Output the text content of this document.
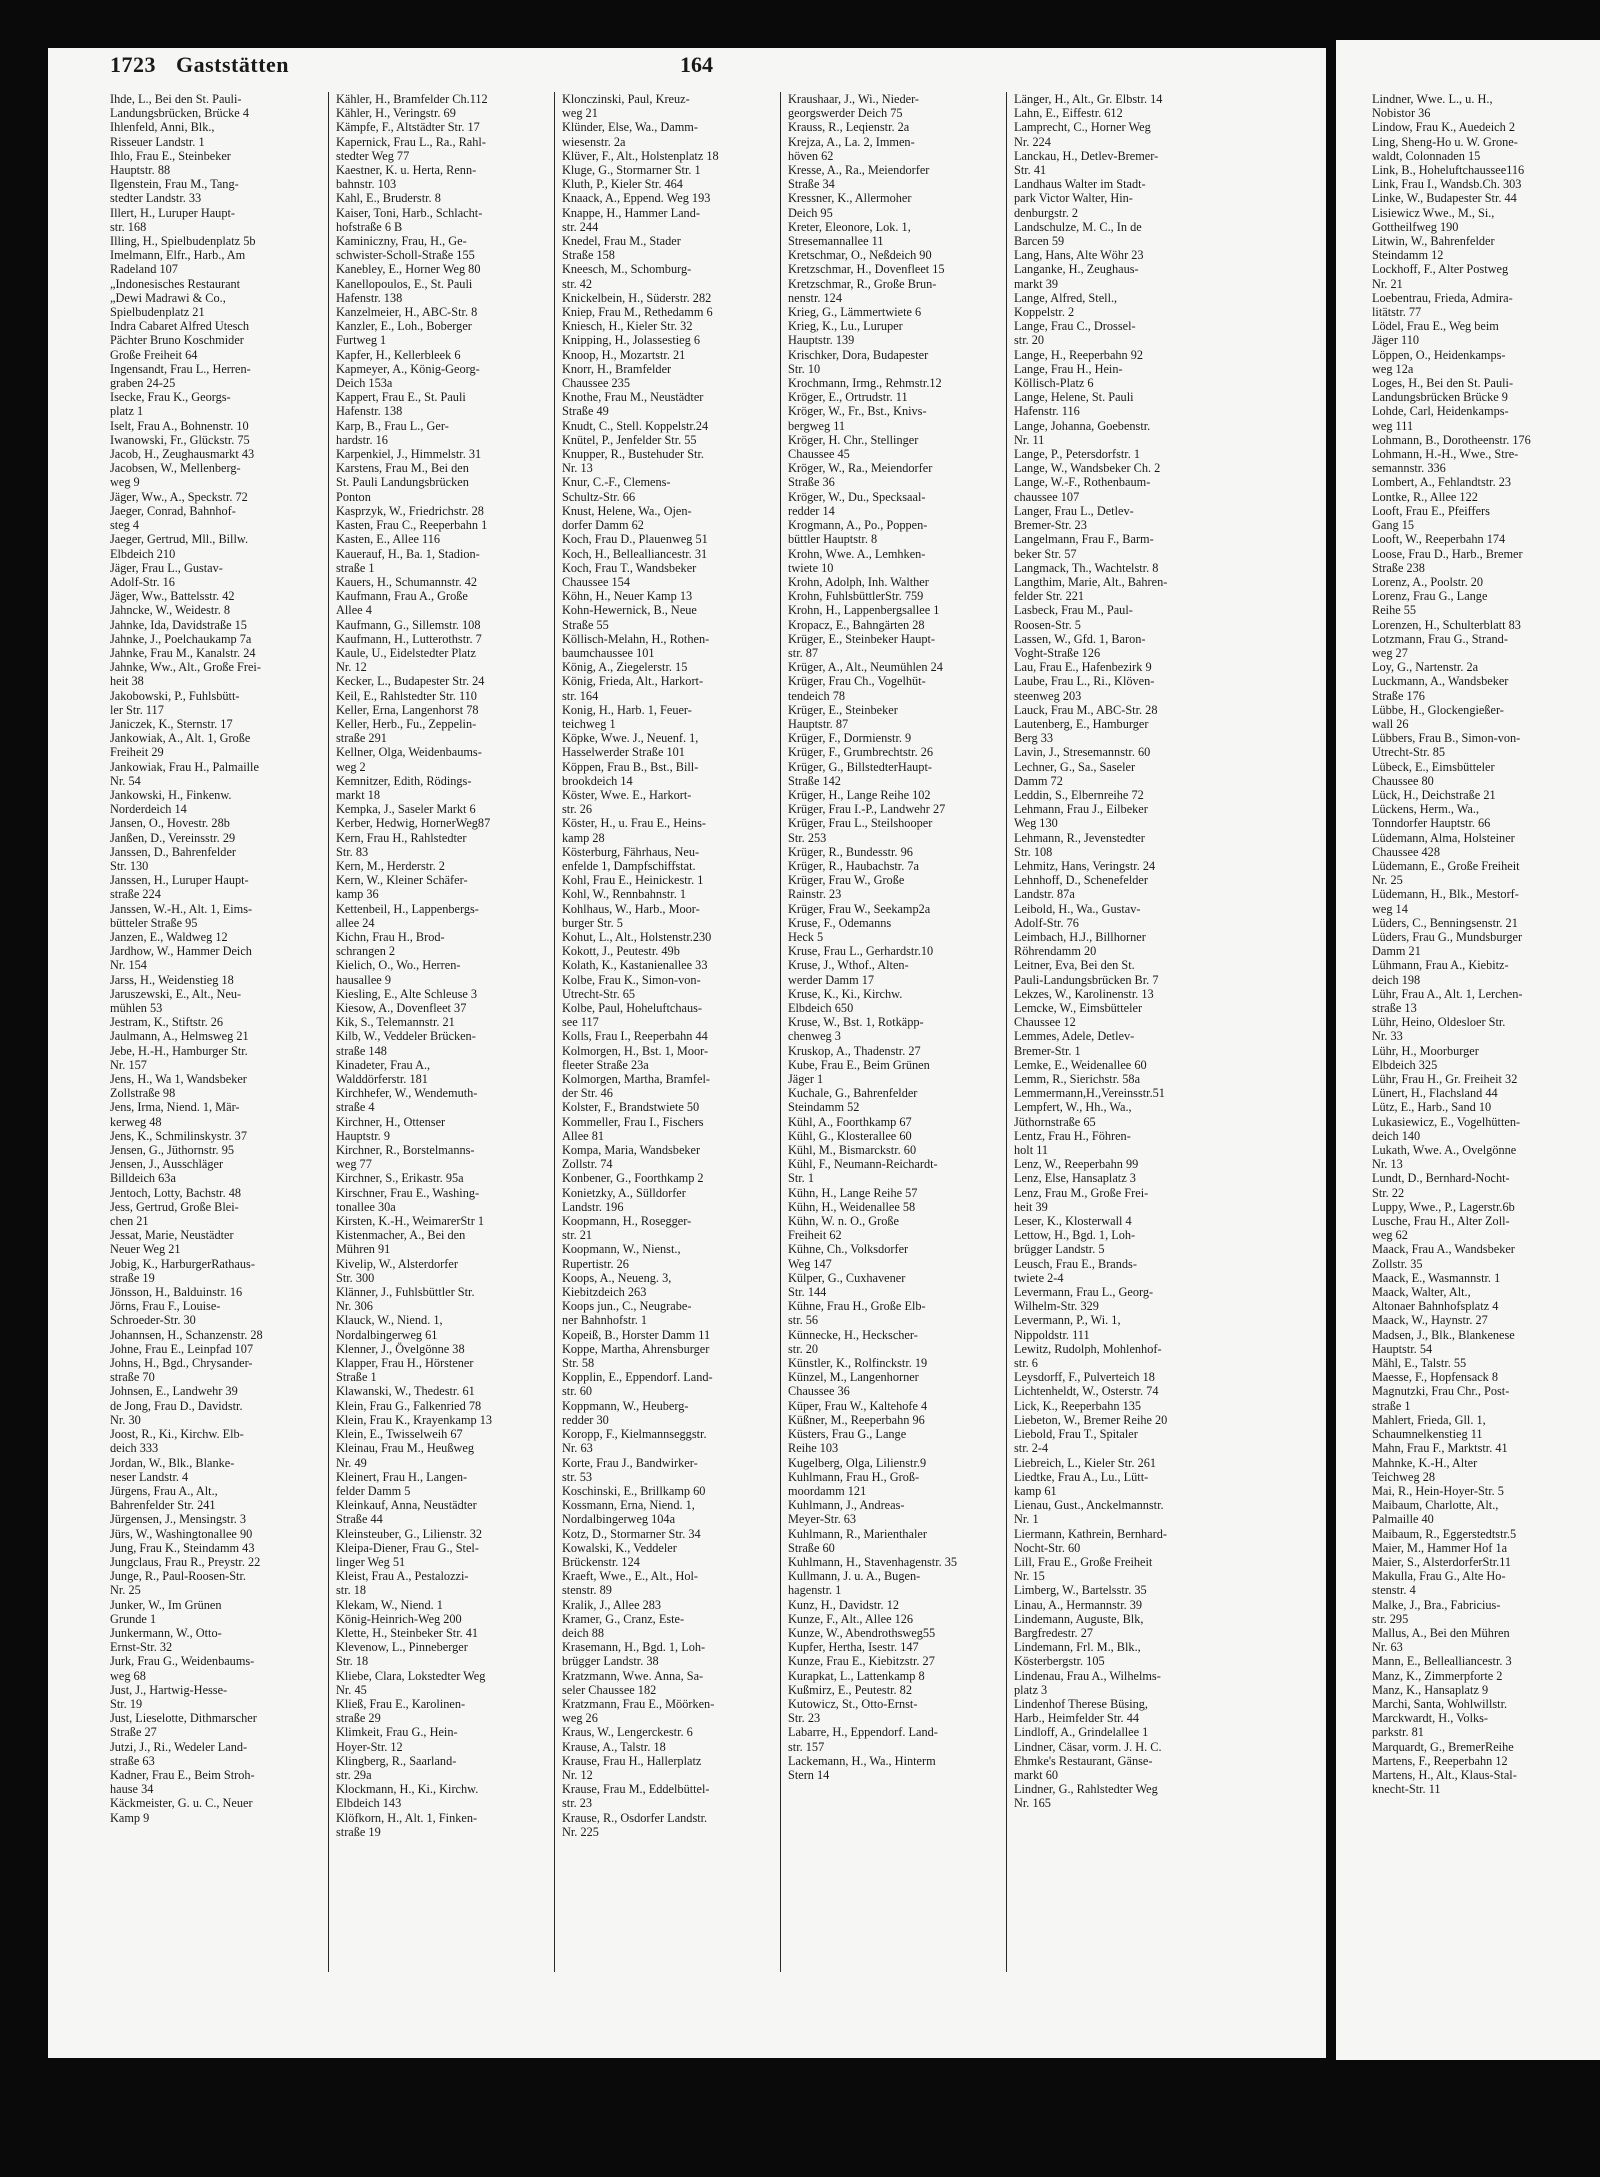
1723 Gaststätten	164
Ihde, L., Bei den St. Pauli-
Landungsbrücken, Brücke 4
Ihlenfeld, Anni, Blk.,
Risseuer Landstr. 1
Ihlo, Frau E., Steinbeker
Hauptstr. 88
Ilgenstein, Frau M., Tang-
stedter Landstr. 33
Illert, H., Luruper Haupt-
str. 168
Illing, H., Spielbudenplatz 5b
Imelmann, Elfr., Harb., Am
Radeland 107
„Indonesisches Restaurant
„Dewi Madrawi & Co.,
Spielbudenplatz 21
Indra Cabaret Alfred Utesch
Pächter Bruno Koschmider
Große Freiheit 64
Ingensandt, Frau L., Herren-
graben 24-25
Isecke, Frau K., Georgs-
platz 1
Iselt, Frau A., Bohnenstr. 10
Iwanowski, Fr., Glückstr. 75
Jacob, H., Zeughausmarkt 43
Jacobsen, W., Mellenberg-
weg 9
Jäger, Ww., A., Speckstr. 72
Jaeger, Conrad, Bahnhof-
steg 4
Jaeger, Gertrud, Mll., Billw.
Elbdeich 210
Jäger, Frau L., Gustav-
Adolf-Str. 16
Jäger, Ww., Battelsstr. 42
Jahncke, W., Weidestr. 8
Jahnke, Ida, Davidstraße 15
Jahnke, J., Poelchaukamp 7a
Jahnke, Frau M., Kanalstr. 24
Jahnke, Ww., Alt., Große Frei-
heit 38
Jakobowski, P., Fuhlsbütt-
ler Str. 117
Janiczek, K., Sternstr. 17
Jankowiak, A., Alt. 1, Große
Freiheit 29
Jankowiak, Frau H., Palmaille
Nr. 54
Jankowski, H., Finkenw.
Norderdeich 14
Jansen, O., Hovestr. 28b
Janßen, D., Vereinsstr. 29
Janssen, D., Bahrenfelder
Str. 130
Janssen, H., Luruper Haupt-
straße 224
Janssen, W.-H., Alt. 1, Eims-
bütteler Straße 95
Janzen, E., Waldweg 12
Jardhow, W., Hammer Deich
Nr. 154
Jarss, H., Weidenstieg 18
Jaruszewski, E., Alt., Neu-
mühlen 53
Jestram, K., Stiftstr. 26
Jaulmann, A., Helmsweg 21
Jebe, H.-H., Hamburger Str.
Nr. 157
Jens, H., Wa 1, Wandsbeker
Zollstraße 98
Jens, Irma, Niend. 1, Mär-
kerweg 48
Jens, K., Schmilinskystr. 37
Jensen, G., Jüthornstr. 95
Jensen, J., Ausschläger
Billdeich 63a
Jentoch, Lotty, Bachstr. 48
Jess, Gertrud, Große Blei-
chen 21
Jessat, Marie, Neustädter
Neuer Weg 21
Jobig, K., HarburgerRathaus-
straße 19
Jönsson, H., Balduinstr. 16
Jörns, Frau F., Louise-
Schroeder-Str. 30
Johannsen, H., Schanzenstr. 28
Johne, Frau E., Leinpfad 107
Johns, H., Bgd., Chrysander-
straße 70
Johnsen, E., Landwehr 39
de Jong, Frau D., Davidstr.
Nr. 30
Joost, R., Ki., Kirchw. Elb-
deich 333
Jordan, W., Blk., Blanke-
neser Landstr. 4
Jürgens, Frau A., Alt.,
Bahrenfelder Str. 241
Jürgensen, J., Mensingstr. 3
Jürs, W., Washingtonallee 90
Jung, Frau K., Steindamm 43
Jungclaus, Frau R., Preystr. 22
Junge, R., Paul-Roosen-Str.
Nr. 25
Junker, W., Im Grünen
Grunde 1
Junkermann, W., Otto-
Ernst-Str. 32
Jurk, Frau G., Weidenbaums-
weg 68
Just, J., Hartwig-Hesse-
Str. 19
Just, Lieselotte, Dithmarscher
Straße 27
Jutzi, J., Ri., Wedeler Land-
straße 63
Kadner, Frau E., Beim Stroh-
hause 34
Käckmeister, G. u. C., Neuer
Kamp 9
Kähler, H., Bramfelder Ch.112
Kähler, H., Veringstr. 69
Kämpfe, F., Altstädter Str. 17
Kapernick, Frau L., Ra., Rahl-
stedter Weg 77
Kaestner, K. u. Herta, Renn-
bahnstr. 103
Kahl, E., Bruderstr. 8
Kaiser, Toni, Harb., Schlacht-
hofstraße 6 B
Kaminiczny, Frau, H., Ge-
schwister-Scholl-Straße 155
Kanebley, E., Horner Weg 80
Kanellopoulos, E., St. Pauli
Hafenstr. 138
Kanzelmeier, H., ABC-Str. 8
Kanzler, E., Loh., Boberger
Furtweg 1
Kapfer, H., Kellerbleek 6
Kapmeyer, A., König-Georg-
Deich 153a
Kappert, Frau E., St. Pauli
Hafenstr. 138
Karp, B., Frau L., Ger-
hardstr. 16
Karpenkiel, J., Himmelstr. 31
Karstens, Frau M., Bei den
St. Pauli Landungsbrücken
Ponton
Kasprzyk, W., Friedrichstr. 28
Kasten, Frau C., Reeperbahn 1
Kasten, E., Allee 116
Kauerauf, H., Ba. 1, Stadion-
straße 1
Kauers, H., Schumannstr. 42
Kaufmann, Frau A., Große
Allee 4
Kaufmann, G., Sillemstr. 108
Kaufmann, H., Lutterothstr. 7
Kaule, U., Eidelstedter Platz
Nr. 12
Kecker, L., Budapester Str. 24
Keil, E., Rahlstedter Str. 110
Keller, Erna, Langenhorst 78
Keller, Herb., Fu., Zeppelin-
straße 291
Kellner, Olga, Weidenbaums-
weg 2
Kemnitzer, Edith, Rödings-
markt 18
Kempka, J., Saseler Markt 6
Kerber, Hedwig, HornerWeg87
Kern, Frau H., Rahlstedter
Str. 83
Kern, M., Herderstr. 2
Kern, W., Kleiner Schäfer-
kamp 36
Kettenbeil, H., Lappenbergs-
allee 24
Kichn, Frau H., Brod-
schrangen 2
Kielich, O., Wo., Herren-
hausallee 9
Kiesling, E., Alte Schleuse 3
Kiesow, A., Dovenfleet 37
Kik, S., Telemannstr. 21
Kilb, W., Veddeler Brücken-
straße 148
Kinadeter, Frau A.,
Walddörferstr. 181
Kirchhefer, W., Wendemuth-
straße 4
Kirchner, H., Ottenser
Hauptstr. 9
Kirchner, R., Borstelmanns-
weg 77
Kirchner, S., Erikastr. 95a
Kirschner, Frau E., Washing-
tonallee 30a
Kirsten, K.-H., WeimarerStr 1
Kistenmacher, A., Bei den
Mühren 91
Kivelip, W., Alsterdorfer
Str. 300
Klänner, J., Fuhlsbüttler Str.
Nr. 306
Klauck, W., Niend. 1,
Nordalbingerweg 61
Klenner, J., Övelgönne 38
Klapper, Frau H., Hörstener
Straße 1
Klawanski, W., Thedestr. 61
Klein, Frau G., Falkenried 78
Klein, Frau K., Krayenkamp 13
Klein, E., Twisselweih 67
Kleinau, Frau M., Heußweg
Nr. 49
Kleinert, Frau H., Langen-
felder Damm 5
Kleinkauf, Anna, Neustädter
Straße 44
Kleinsteuber, G., Lilienstr. 32
Kleipa-Diener, Frau G., Stel-
linger Weg 51
Kleist, Frau A., Pestalozzi-
str. 18
Klekam, W., Niend. 1
König-Heinrich-Weg 200
Klette, H., Steinbeker Str. 41
Klevenow, L., Pinneberger
Str. 18
Kliebe, Clara, Lokstedter Weg
Nr. 45
Kließ, Frau E., Karolinen-
straße 29
Klimkeit, Frau G., Hein-
Hoyer-Str. 12
Klingberg, R., Saarland-
str. 29a
Klockmann, H., Ki., Kirchw.
Elbdeich 143
Klöfkorn, H., Alt. 1, Finken-
straße 19
Klonczinski, Paul, Kreuz-
weg 21
Klünder, Else, Wa., Damm-
wiesenstr. 2a
Klüver, F., Alt., Holstenplatz 18
Kluge, G., Stormarner Str. 1
Kluth, P., Kieler Str. 464
Knaack, A., Eppend. Weg 193
Knappe, H., Hammer Land-
str. 244
Knedel, Frau M., Stader
Straße 158
Kneesch, M., Schomburg-
str. 42
Knickelbein, H., Süderstr. 282
Kniep, Frau M., Rethedamm 6
Kniesch, H., Kieler Str. 32
Knipping, H., Jolassestieg 6
Knoop, H., Mozartstr. 21
Knorr, H., Bramfelder
Chaussee 235
Knothe, Frau M., Neustädter
Straße 49
Knudt, C., Stell. Koppelstr.24
Knütel, P., Jenfelder Str. 55
Knupper, R., Bustehuder Str.
Nr. 13
Knur, C.-F., Clemens-
Schultz-Str. 66
Knust, Helene, Wa., Ojen-
dorfer Damm 62
Koch, Frau D., Plauenweg 51
Koch, H., Bellealliancestr. 31
Koch, Frau T., Wandsbeker
Chaussee 154
Köhn, H., Neuer Kamp 13
Kohn-Hewernick, B., Neue
Straße 55
Köllisch-Melahn, H., Rothen-
baumchaussee 101
König, A., Ziegelerstr. 15
König, Frieda, Alt., Harkort-
str. 164
Konig, H., Harb. 1, Feuer-
teichweg 1
Köpke, Wwe. J., Neuenf. 1,
Hasselwerder Straße 101
Köppen, Frau B., Bst., Bill-
brookdeich 14
Köster, Wwe. E., Harkort-
str. 26
Köster, H., u. Frau E., Heins-
kamp 28
Kösterburg, Fährhaus, Neu-
enfelde 1, Dampfschiffstat.
Kohl, Frau E., Heinickestr. 1
Kohl, W., Rennbahnstr. 1
Kohlhaus, W., Harb., Moor-
burger Str. 5
Kohut, L., Alt., Holstenstr.230
Kokott, J., Peutestr. 49b
Kolath, K., Kastanienallee 33
Kolbe, Frau K., Simon-von-
Utrecht-Str. 65
Kolbe, Paul, Hoheluftchaus-
see 117
Kolls, Frau I., Reeperbahn 44
Kolmorgen, H., Bst. 1, Moor-
fleeter Straße 23a
Kolmorgen, Martha, Bramfel-
der Str. 46
Kolster, F., Brandstwiete 50
Kommeller, Frau I., Fischers
Allee 81
Kompa, Maria, Wandsbeker
Zollstr. 74
Konbener, G., Foorthkamp 2
Konietzky, A., Sülldorfer
Landstr. 196
Koopmann, H., Rosegger-
str. 21
Koopmann, W., Nienst.,
Rupertistr. 26
Koops, A., Neueng. 3,
Kiebitzdeich 263
Koops jun., C., Neugrabe-
ner Bahnhofstr. 1
Kopeiß, B., Horster Damm 11
Koppe, Martha, Ahrensburger
Str. 58
Kopplin, E., Eppendorf. Land-
str. 60
Koppmann, W., Heuberg-
redder 30
Koropp, F., Kielmannseggstr.
Nr. 63
Korte, Frau J., Bandwirker-
str. 53
Koschinski, E., Brillkamp 60
Kossmann, Erna, Niend. 1,
Nordalbingerweg 104a
Kotz, D., Stormarner Str. 34
Kowalski, K., Veddeler
Brückenstr. 124
Kraeft, Wwe., E., Alt., Hol-
stenstr. 89
Kralik, J., Allee 283
Kramer, G., Cranz, Este-
deich 88
Krasemann, H., Bgd. 1, Loh-
brügger Landstr. 38
Kratzmann, Wwe. Anna, Sa-
seler Chaussee 182
Kratzmann, Frau E., Möörken-
weg 26
Kraus, W., Lengerckestr. 6
Krause, A., Talstr. 18
Krause, Frau H., Hallerplatz
Nr. 12
Krause, Frau M., Eddelbüttel-
str. 23
Krause, R., Osdorfer Landstr.
Nr. 225
Kraushaar, J., Wi., Nieder-
georgswerder Deich 75
Krauss, R., Leqienstr. 2a
Krejza, A., La. 2, Immen-
höven 62
Kresse, A., Ra., Meiendorfer
Straße 34
Kressner, K., Allermoher
Deich 95
Kreter, Eleonore, Lok. 1,
Stresemannallee 11
Kretschmar, O., Neßdeich 90
Kretzschmar, H., Dovenfleet 15
Kretzschmar, R., Große Brun-
nenstr. 124
Krieg, G., Lämmertwiete 6
Krieg, K., Lu., Luruper
Hauptstr. 139
Krischker, Dora, Budapester
Str. 10
Krochmann, Irmg., Rehmstr.12
Kröger, E., Ortrudstr. 11
Kröger, W., Fr., Bst., Knivs-
bergweg 11
Kröger, H. Chr., Stellinger
Chaussee 45
Kröger, W., Ra., Meiendorfer
Straße 36
Kröger, W., Du., Specksaal-
redder 14
Krogmann, A., Po., Poppen-
büttler Hauptstr. 8
Krohn, Wwe. A., Lemhken-
twiete 10
Krohn, Adolph, Inh. Walther
Krohn, FuhlsbüttlerStr. 759
Krohn, H., Lappenbergsallee 1
Kropacz, E., Bahngärten 28
Krüger, E., Steinbeker Haupt-
str. 87
Krüger, A., Alt., Neumühlen 24
Krüger, Frau Ch., Vogelhüt-
tendeich 78
Krüger, E., Steinbeker
Hauptstr. 87
Krüger, F., Dormienstr. 9
Krüger, F., Grumbrechtstr. 26
Krüger, G., BillstedterHaupt-
Straße 142
Krüger, H., Lange Reihe 102
Krüger, Frau I.-P., Landwehr 27
Krüger, Frau L., Steilshooper
Str. 253
Krüger, R., Bundesstr. 96
Krüger, R., Haubachstr. 7a
Krüger, Frau W., Große
Rainstr. 23
Krüger, Frau W., Seekamp2a
Kruse, F., Odemanns
Heck 5
Kruse, Frau L., Gerhardstr.10
Kruse, J., Wthof., Alten-
werder Damm 17
Kruse, K., Ki., Kirchw.
Elbdeich 650
Kruse, W., Bst. 1, Rotkäpp-
chenweg 3
Kruskop, A., Thadenstr. 27
Kube, Frau E., Beim Grünen
Jäger 1
Kuchale, G., Bahrenfelder
Steindamm 52
Kühl, A., Foorthkamp 67
Kühl, G., Klosterallee 60
Kühl, M., Bismarckstr. 60
Kühl, F., Neumann-Reichardt-
Str. 1
Kühn, H., Lange Reihe 57
Kühn, H., Weidenallee 58
Kühn, W. n. O., Große
Freiheit 62
Kühne, Ch., Volksdorfer
Weg 147
Külper, G., Cuxhavener
Str. 144
Kühne, Frau H., Große Elb-
str. 56
Künnecke, H., Heckscher-
str. 20
Künstler, K., Rolfinckstr. 19
Künzel, M., Langenhorner
Chaussee 36
Küper, Frau W., Kaltehofe 4
Küßner, M., Reeperbahn 96
Küsters, Frau G., Lange
Reihe 103
Kugelberg, Olga, Lilienstr.9
Kuhlmann, Frau H., Groß-
moordamm 121
Kuhlmann, J., Andreas-
Meyer-Str. 63
Kuhlmann, R., Marienthaler
Straße 60
Kuhlmann, H., Stavenhagenstr. 35
Kullmann, J. u. A., Bugen-
hagenstr. 1
Kunz, H., Davidstr. 12
Kunze, F., Alt., Allee 126
Kunze, W., Abendrothsweg55
Kupfer, Hertha, Isestr. 147
Kunze, Frau E., Kiebitzstr. 27
Kurapkat, L., Lattenkamp 8
Kußmirz, E., Peutestr. 82
Kutowicz, St., Otto-Ernst-
Str. 23
Labarre, H., Eppendorf. Land-
str. 157
Lackemann, H., Wa., Hinterm
Stern 14
Länger, H., Alt., Gr. Elbstr. 14
Lahn, E., Eiffestr. 612
Lamprecht, C., Horner Weg
Nr. 224
Lanckau, H., Detlev-Bremer-
Str. 41
Landhaus Walter im Stadt-
park Victor Walter, Hin-
denburgstr. 2
Landschulze, M. C., In de
Barcen 59
Lang, Hans, Alte Wöhr 23
Langanke, H., Zeughaus-
markt 39
Lange, Alfred, Stell.,
Koppelstr. 2
Lange, Frau C., Drossel-
str. 20
Lange, H., Reeperbahn 92
Lange, Frau H., Hein-
Köllisch-Platz 6
Lange, Helene, St. Pauli
Hafenstr. 116
Lange, Johanna, Goebenstr.
Nr. 11
Lange, P., Petersdorfstr. 1
Lange, W., Wandsbeker Ch. 2
Lange, W.-F., Rothenbaum-
chaussee 107
Langer, Frau L., Detlev-
Bremer-Str. 23
Langelmann, Frau F., Barm-
beker Str. 57
Langmack, Th., Wachtelstr. 8
Langthim, Marie, Alt., Bahren-
felder Str. 221
Lasbeck, Frau M., Paul-
Roosen-Str. 5
Lassen, W., Gfd. 1, Baron-
Voght-Straße 126
Lau, Frau E., Hafenbezirk 9
Laube, Frau L., Ri., Klöven-
steenweg 203
Lauck, Frau M., ABC-Str. 28
Lautenberg, E., Hamburger
Berg 33
Lavin, J., Stresemannstr. 60
Lechner, G., Sa., Saseler
Damm 72
Leddin, S., Elbernreihe 72
Lehmann, Frau J., Eilbeker
Weg 130
Lehmann, R., Jevenstedter
Str. 108
Lehmitz, Hans, Veringstr. 24
Lehnhoff, D., Schenefelder
Landstr. 87a
Leibold, H., Wa., Gustav-
Adolf-Str. 76
Leimbach, H.J., Billhorner
Röhrendamm 20
Leitner, Eva, Bei den St.
Pauli-Landungsbrücken Br. 7
Lekzes, W., Karolinenstr. 13
Lemcke, W., Eimsbütteler
Chaussee 12
Lemmes, Adele, Detlev-
Bremer-Str. 1
Lemke, E., Weidenallee 60
Lemm, R., Sierichstr. 58a
Lemmermann,H.,Vereinsstr.51
Lempfert, W., Hh., Wa.,
Jüthornstraße 65
Lentz, Frau H., Föhren-
holt 11
Lenz, W., Reeperbahn 99
Lenz, Else, Hansaplatz 3
Lenz, Frau M., Große Frei-
heit 39
Leser, K., Klosterwall 4
Lettow, H., Bgd. 1, Loh-
brügger Landstr. 5
Leusch, Frau E., Brands-
twiete 2-4
Levermann, Frau L., Georg-
Wilhelm-Str. 329
Levermann, P., Wi. 1,
Nippoldstr. 111
Lewitz, Rudolph, Mohlenhof-
str. 6
Leysdorff, F., Pulverteich 18
Lichtenheldt, W., Osterstr. 74
Lick, K., Reeperbahn 135
Liebeton, W., Bremer Reihe 20
Liebold, Frau T., Spitaler
str. 2-4
Liebreich, L., Kieler Str. 261
Liedtke, Frau A., Lu., Lütt-
kamp 61
Lienau, Gust., Anckelmannstr.
Nr. 1
Liermann, Kathrein, Bernhard-
Nocht-Str. 60
Lill, Frau E., Große Freiheit
Nr. 15
Limberg, W., Bartelsstr. 35
Linau, A., Hermannstr. 39
Lindemann, Auguste, Blk,
Bargfredestr. 27
Lindemann, Frl. M., Blk.,
Kösterbergstr. 105
Lindenau, Frau A., Wilhelms-
platz 3
Lindenhof Therese Büsing,
Harb., Heimfelder Str. 44
Lindloff, A., Grindelallee 1
Lindner, Cäsar, vorm. J. H. C.
Ehmke's Restaurant, Gänse-
markt 60
Lindner, G., Rahlstedter Weg
Nr. 165
Lindner, Wwe. L., u. H.,
Nobistor 36
Lindow, Frau K., Auedeich 2
Ling, Sheng-Ho u. W. Grone-
waldt, Colonnaden 15
Link, B., Hoheluftchaussee116
Link, Frau I., Wandsb.Ch. 303
Linke, W., Budapester Str. 44
Lisiewicz Wwe., M., Si.,
Gottheilfweg 190
Litwin, W., Bahrenfelder
Steindamm 12
Lockhoff, F., Alter Postweg
Nr. 21
Loebentrau, Frieda, Admira-
litätstr. 77
Lödel, Frau E., Weg beim
Jäger 110
Löppen, O., Heidenkamps-
weg 12a
Loges, H., Bei den St. Pauli-
Landungsbrücken Brücke 9
Lohde, Carl, Heidenkamps-
weg 111
Lohmann, B., Dorotheenstr. 176
Lohmann, H.-H., Wwe., Stre-
semannstr. 336
Lombert, A., Fehlandtstr. 23
Lontke, R., Allee 122
Looft, Frau E., Pfeiffers
Gang 15
Looft, W., Reeperbahn 174
Loose, Frau D., Harb., Bremer
Straße 238
Lorenz, A., Poolstr. 20
Lorenz, Frau G., Lange
Reihe 55
Lorenzen, H., Schulterblatt 83
Lotzmann, Frau G., Strand-
weg 27
Loy, G., Nartenstr. 2a
Luckmann, A., Wandsbeker
Straße 176
Lübbe, H., Glockengießer-
wall 26
Lübbers, Frau B., Simon-von-
Utrecht-Str. 85
Lübeck, E., Eimsbütteler
Chaussee 80
Lück, H., Deichstraße 21
Lückens, Herm., Wa.,
Tonndorfer Hauptstr. 66
Lüdemann, Alma, Holsteiner
Chaussee 428
Lüdemann, E., Große Freiheit
Nr. 25
Lüdemann, H., Blk., Mestorf-
weg 14
Lüders, C., Benningsenstr. 21
Lüders, Frau G., Mundsburger
Damm 21
Lühmann, Frau A., Kiebitz-
deich 198
Lühr, Frau A., Alt. 1, Lerchen-
straße 13
Lühr, Heino, Oldesloer Str.
Nr. 33
Lühr, H., Moorburger
Elbdeich 325
Lühr, Frau H., Gr. Freiheit 32
Lünert, H., Flachsland 44
Lütz, E., Harb., Sand 10
Lukasiewicz, E., Vogelhütten-
deich 140
Lukath, Wwe. A., Ovelgönne
Nr. 13
Lundt, D., Bernhard-Nocht-
Str. 22
Luppy, Wwe., P., Lagerstr.6b
Lusche, Frau H., Alter Zoll-
weg 62
Maack, Frau A., Wandsbeker
Zollstr. 35
Maack, E., Wasmannstr. 1
Maack, Walter, Alt.,
Altonaer Bahnhofsplatz 4
Maack, W., Haynstr. 27
Madsen, J., Blk., Blankenese
Hauptstr. 54
Mähl, E., Talstr. 55
Maesse, F., Hopfensack 8
Magnutzki, Frau Chr., Post-
straße 1
Mahlert, Frieda, Gll. 1,
Schaumnelkenstieg 11
Mahn, Frau F., Marktstr. 41
Mahnke, K.-H., Alter
Teichweg 28
Mai, R., Hein-Hoyer-Str. 5
Maibaum, Charlotte, Alt.,
Palmaille 40
Maibaum, R., Eggerstedtstr.5
Maier, M., Hammer Hof 1a
Maier, S., AlsterdorferStr.11
Makulla, Frau G., Alte Ho-
stenstr. 4
Malke, J., Bra., Fabricius-
str. 295
Mallus, A., Bei den Mühren
Nr. 63
Mann, E., Bellealliancestr. 3
Manz, K., Zimmerpforte 2
Manz, K., Hansaplatz 9
Marchi, Santa, Wohlwillstr.
Marckwardt, H., Volks-
parkstr. 81
Marquardt, G., BremerReihe
Martens, F., Reeperbahn 12
Martens, H., Alt., Klaus-Stal-
knecht-Str. 11
